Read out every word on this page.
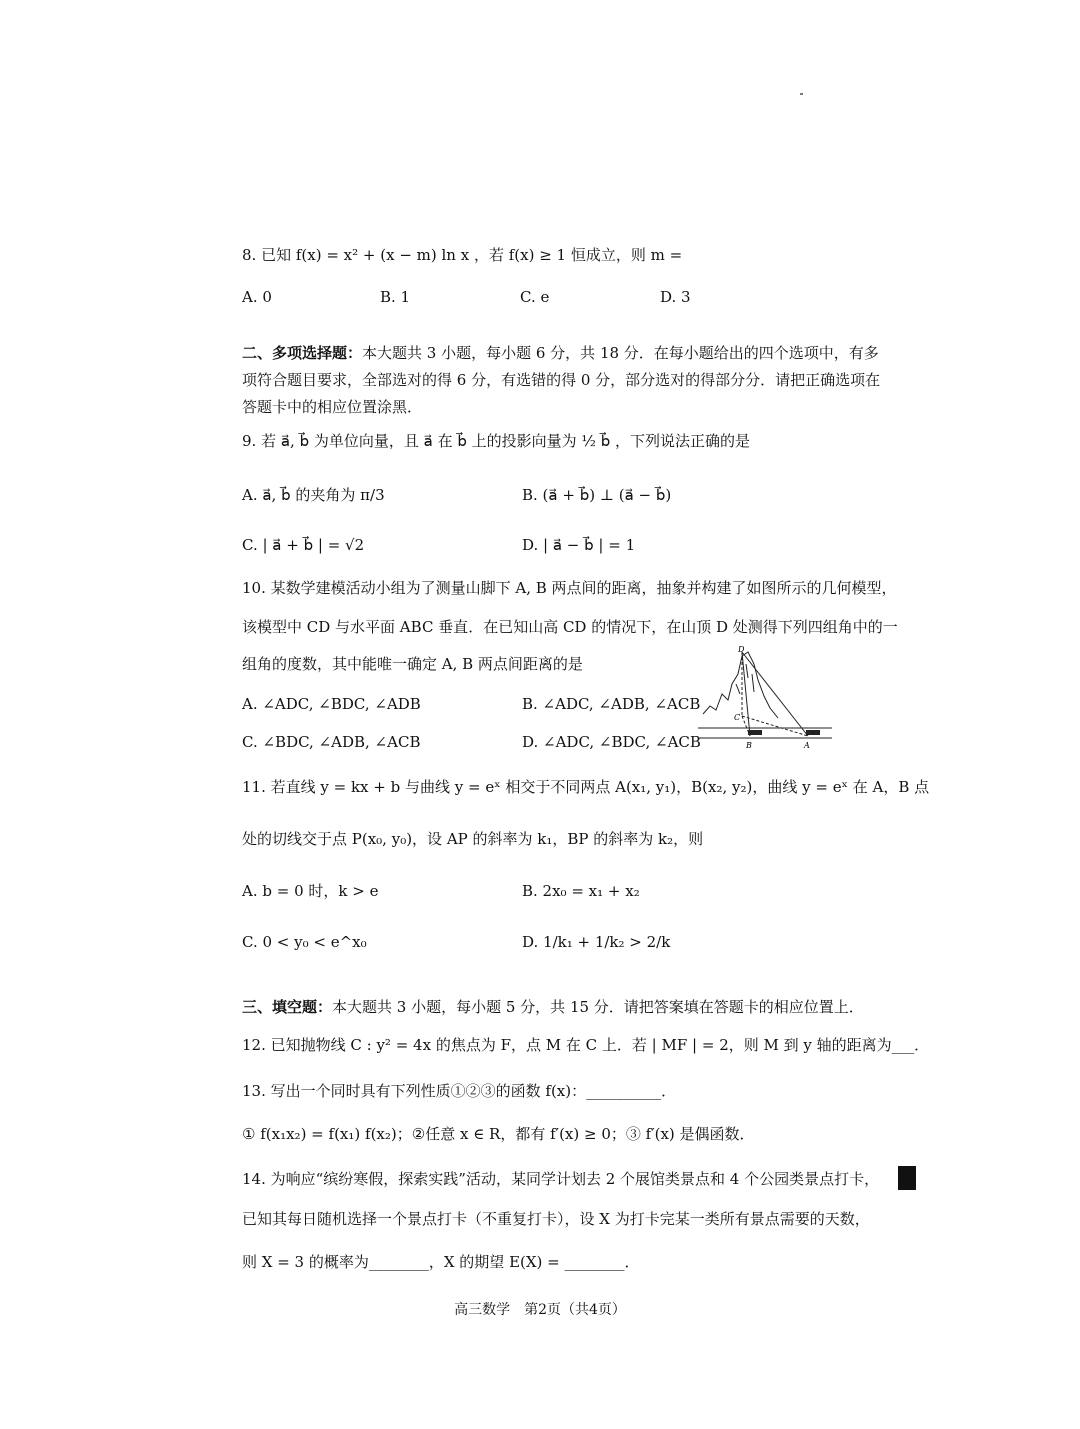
8. 已知 f(x) = x² + (x − m) ln x ，若 f(x) ≥ 1 恒成立，则 m =
A. 0	B. 1	C. e	D. 3
二、多项选择题：本大题共 3 小题，每小题 6 分，共 18 分．在每小题给出的四个选项中，有多
项符合题目要求，全部选对的得 6 分，有选错的得 0 分，部分选对的得部分分．请把正确选项在
答题卡中的相应位置涂黑．
9. 若 a⃗, b⃗ 为单位向量，且 a⃗ 在 b⃗ 上的投影向量为 ½ b⃗ ，下列说法正确的是
A. a⃗, b⃗ 的夹角为 π/3	B. (a⃗ + b⃗) ⊥ (a⃗ − b⃗)
C. | a⃗ + b⃗ | = √2	D. | a⃗ − b⃗ | = 1
10. 某数学建模活动小组为了测量山脚下 A, B 两点间的距离，抽象并构建了如图所示的几何模型，
该模型中 CD 与水平面 ABC 垂直．在已知山高 CD 的情况下，在山顶 D 处测得下列四组角中的一
组角的度数，其中能唯一确定 A, B 两点间距离的是
A. ∠ADC, ∠BDC, ∠ADB	B. ∠ADC, ∠ADB, ∠ACB
C. ∠BDC, ∠ADB, ∠ACB	D. ∠ADC, ∠BDC, ∠ACB
D
C
B	A
11. 若直线 y = kx + b 与曲线 y = eˣ 相交于不同两点 A(x₁, y₁)，B(x₂, y₂)，曲线 y = eˣ 在 A，B 点
处的切线交于点 P(x₀, y₀)，设 AP 的斜率为 k₁，BP 的斜率为 k₂，则
A. b = 0 时，k > e	B. 2x₀ = x₁ + x₂
C. 0 < y₀ < e^x₀	D. 1/k₁ + 1/k₂ > 2/k
三、填空题：本大题共 3 小题，每小题 5 分，共 15 分．请把答案填在答题卡的相应位置上．
12. 已知抛物线 C : y² = 4x 的焦点为 F，点 M 在 C 上．若 | MF | = 2，则 M 到 y 轴的距离为___．
13. 写出一个同时具有下列性质①②③的函数 f(x)：__________．
① f(x₁x₂) = f(x₁) f(x₂)；②任意 x ∈ R，都有 f′(x) ≥ 0；③ f′(x) 是偶函数．
14. 为响应“缤纷寒假，探索实践”活动，某同学计划去 2 个展馆类景点和 4 个公园类景点打卡，
已知其每日随机选择一个景点打卡（不重复打卡），设 X 为打卡完某一类所有景点需要的天数，
则 X = 3 的概率为________，X 的期望 E(X) = ________．
高三数学　第2页（共4页）
